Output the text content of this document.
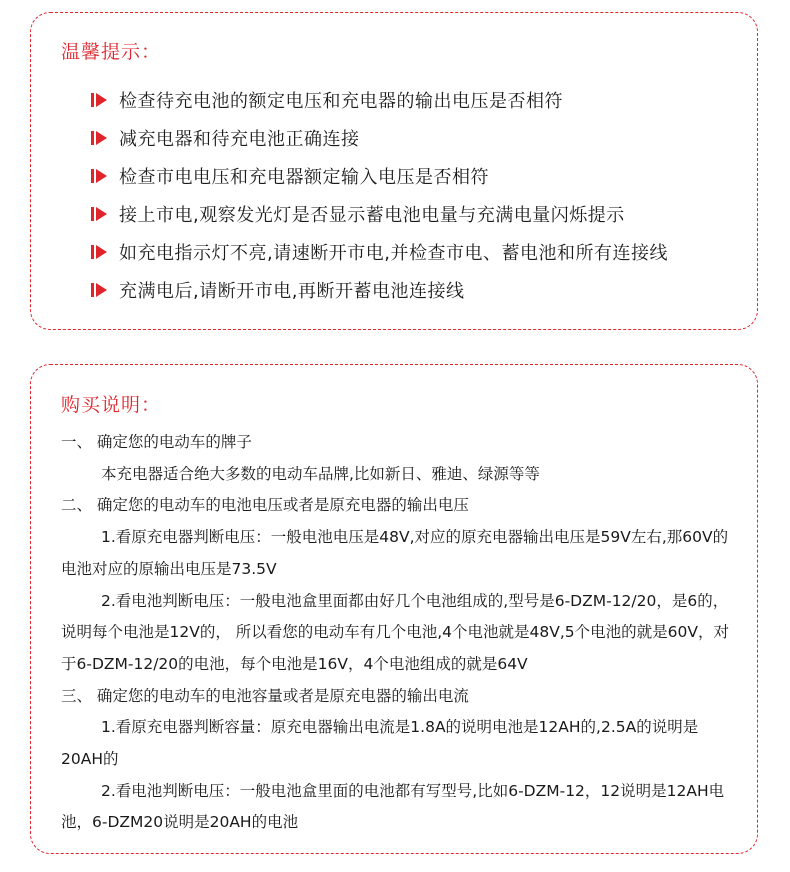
温馨提示：
检查待充电池的额定电压和充电器的输出电压是否相符
减充电器和待充电池正确连接
检查市电电压和充电器额定输入电压是否相符
接上市电,观察发光灯是否显示蓄电池电量与充满电量闪烁提示
如充电指示灯不亮,请速断开市电,并检查市电、蓄电池和所有连接线
充满电后,请断开市电,再断开蓄电池连接线
购买说明：

一、 确定您的电动车的牌子

本充电器适合绝大多数的电动车品牌,比如新日、雅迪、绿源等等

二、 确定您的电动车的电池电压或者是原充电器的输出电压

1.看原充电器判断电压：一般电池电压是48V,对应的原充电器输出电压是59V左右,那60V的电池对应的原输出电压是73.5V

2.看电池判断电压：一般电池盒里面都由好几个电池组成的,型号是6-DZM-12/20，是6的，说明每个电池是12V的， 所以看您的电动车有几个电池,4个电池就是48V,5个电池的就是60V，对于6-DZM-12/20的电池，每个电池是16V，4个电池组成的就是64V

三、 确定您的电动车的电池容量或者是原充电器的输出电流

1.看原充电器判断容量：原充电器输出电流是1.8A的说明电池是12AH的,2.5A的说明是20AH的

2.看电池判断电压：一般电池盒里面的电池都有写型号,比如6-DZM-12，12说明是12AH电池，6-DZM20说明是20AH的电池
